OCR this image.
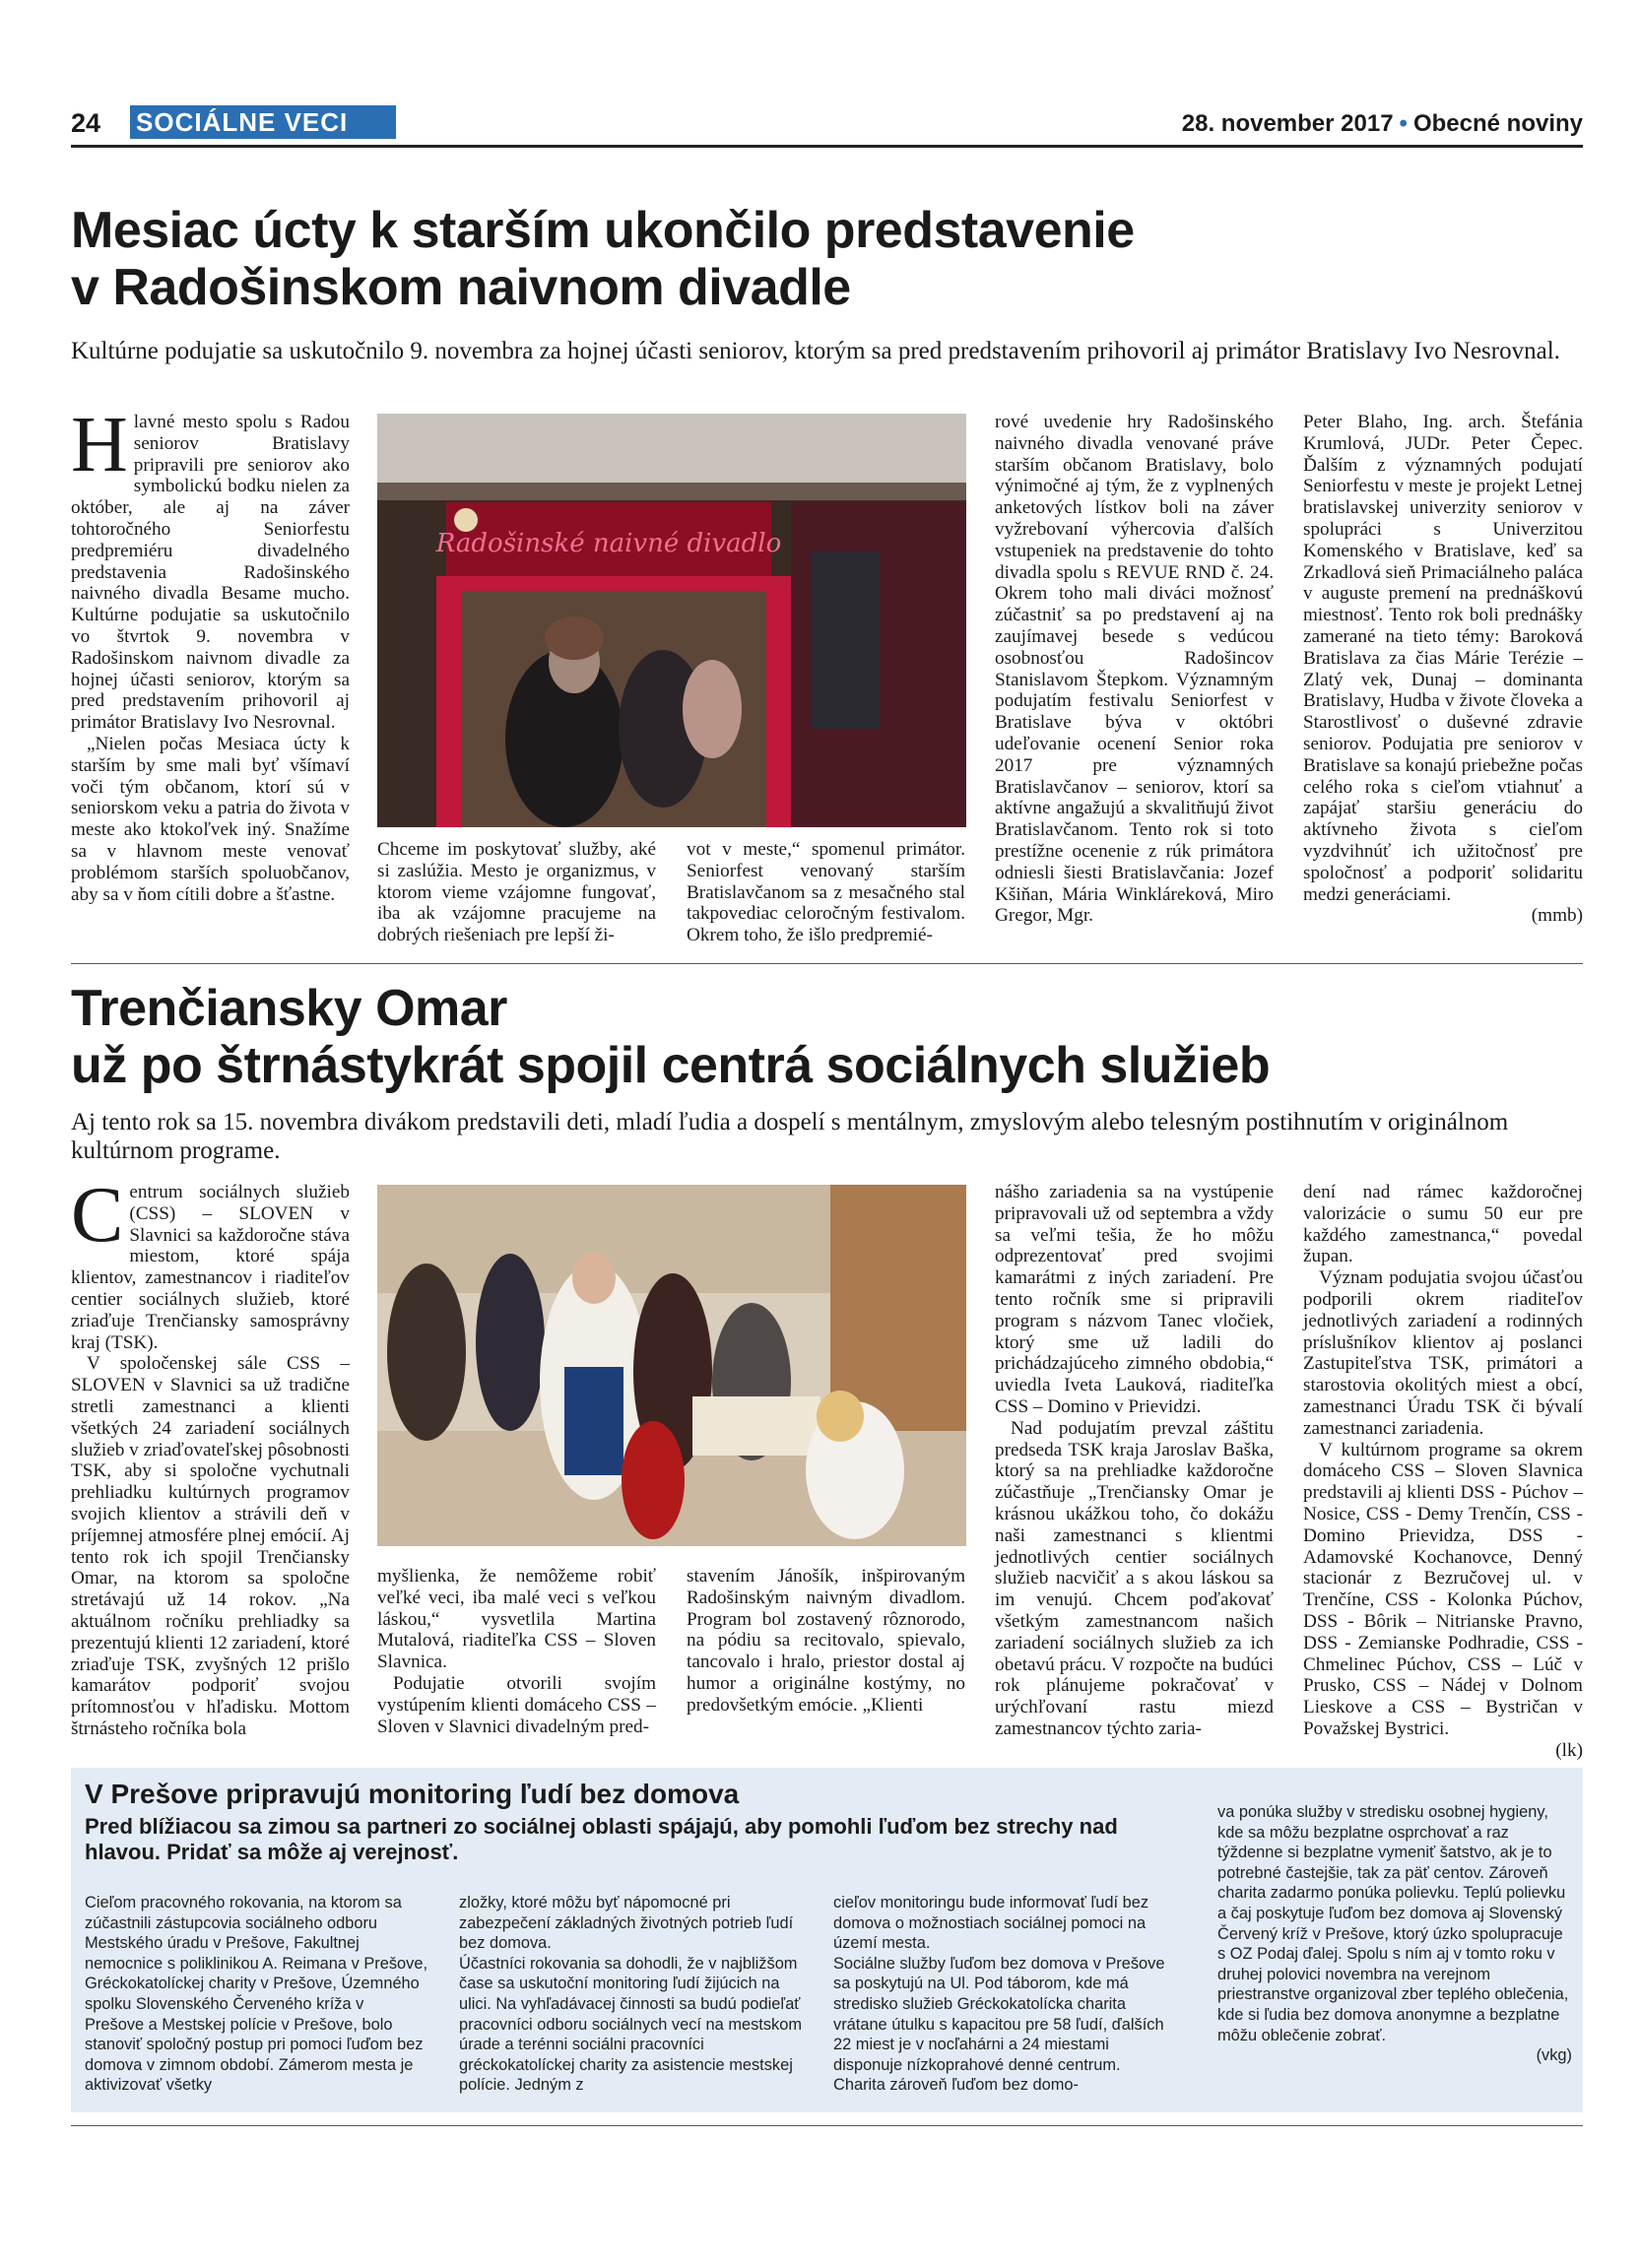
24 SOCIÁLNE VECI	28. november 2017 • Obecné noviny
Mesiac úcty k starším ukončilo predstavenie
v Radošinskom naivnom divadle
Kultúrne podujatie sa uskutočnilo 9. novembra za hojnej účasti seniorov, ktorým sa pred predstavením prihovoril aj primátor Bratislavy Ivo Nesrovnal.

Hlavné mesto spolu s Radou seniorov Bratislavy pripravili pre seniorov ako symbolickú bodku nielen za október, ale aj na záver tohtoročného Seniorfestu predpremiéru divadelného predstavenia Radošinského naivného divadla Besame mucho. Kultúrne podujatie sa uskutočnilo vo štvrtok 9. novembra v Radošinskom naivnom divadle za hojnej účasti seniorov, ktorým sa pred predstavením prihovoril aj primátor Bratislavy Ivo Nesrovnal.

„Nielen počas Mesiaca úcty k starším by sme mali byť všímaví voči tým občanom, ktorí sú v seniorskom veku a patria do života v meste ako ktokoľvek iný. Snažíme sa v hlavnom meste venovať problémom starších spoluobčanov, aby sa v ňom cítili dobre a šťastne.

Radošinské naivné divadlo

Chceme im poskytovať služby, aké si zaslúžia. Mesto je organizmus, v ktorom vieme vzájomne fungovať, iba ak vzájomne pracujeme na dobrých riešeniach pre lepší ži-

vot v meste,“ spomenul primátor. Seniorfest venovaný starším Bratislavčanom sa z mesačného stal takpovediac celoročným festivalom. Okrem toho, že išlo predpremié-

rové uvedenie hry Radošinského naivného divadla venované práve starším občanom Bratislavy, bolo výnimočné aj tým, že z vyplnených anketových lístkov boli na záver vyžrebovaní výhercovia ďalších vstupeniek na predstavenie do tohto divadla spolu s REVUE RND č. 24. Okrem toho mali diváci možnosť zúčastniť sa po predstavení aj na zaujímavej besede s vedúcou osobnosťou Radošincov Stanislavom Štepkom. Významným podujatím festivalu Seniorfest v Bratislave býva v októbri udeľovanie ocenení Senior roka 2017 pre významných Bratislavčanov – seniorov, ktorí sa aktívne angažujú a skvalitňujú život Bratislavčanom. Tento rok si toto prestížne ocenenie z rúk primátora odniesli šiesti Bratislavčania: Jozef Kšiňan, Mária Winkláreková, Miro Gregor, Mgr.

Peter Blaho, Ing. arch. Štefánia Krumlová, JUDr. Peter Čepec. Ďalším z významných podujatí Seniorfestu v meste je projekt Letnej bratislavskej univerzity seniorov v spolupráci s Univerzitou Komenského v Bratislave, keď sa Zrkadlová sieň Primaciálneho paláca v auguste premení na prednáškovú miestnosť. Tento rok boli prednášky zamerané na tieto témy: Baroková Bratislava za čias Márie Terézie – Zlatý vek, Dunaj – dominanta Bratislavy, Hudba v živote človeka a Starostlivosť o duševné zdravie seniorov. Podujatia pre seniorov v Bratislave sa konajú priebežne počas celého roka s cieľom vtiahnuť a zapájať staršiu generáciu do aktívneho života s cieľom vyzdvihnúť ich užitočnosť pre spoločnosť a podporiť solidaritu medzi generáciami.

(mmb)

Trenčiansky Omar
už po štrnástykrát spojil centrá sociálnych služieb
Aj tento rok sa 15. novembra divákom predstavili deti, mladí ľudia a dospelí s mentálnym, zmyslovým alebo telesným postihnutím v originálnom kultúrnom programe.

Centrum sociálnych služieb (CSS) – SLOVEN v Slavnici sa každoročne stáva miestom, ktoré spája klientov, zamestnancov i riaditeľov centier sociálnych služieb, ktoré zriaďuje Trenčiansky samosprávny kraj (TSK).

V spoločenskej sále CSS – SLOVEN v Slavnici sa už tradične stretli zamestnanci a klienti všetkých 24 zariadení sociálnych služieb v zriaďovateľskej pôsobnosti TSK, aby si spoločne vychutnali prehliadku kultúrnych programov svojich klientov a strávili deň v príjemnej atmosfére plnej emócií. Aj tento rok ich spojil Trenčiansky Omar, na ktorom sa spoločne stretávajú už 14 rokov. „Na aktuálnom ročníku prehliadky sa prezentujú klienti 12 zariadení, ktoré zriaďuje TSK, zvyšných 12 prišlo kamarátov podporiť svojou prítomnosťou v hľadisku. Mottom štrnásteho ročníka bola

myšlienka, že nemôžeme robiť veľké veci, iba malé veci s veľkou láskou,“ vysvetlila Martina Mutalová, riaditeľka CSS – Sloven Slavnica.

Podujatie otvorili svojím vystúpením klienti domáceho CSS – Sloven v Slavnici divadelným pred-

stavením Jánošík, inšpirovaným Radošinským naivným divadlom. Program bol zostavený rôznorodo, na pódiu sa recitovalo, spievalo, tancovalo i hralo, priestor dostal aj humor a originálne kostýmy, no predovšetkým emócie. „Klienti

nášho zariadenia sa na vystúpenie pripravovali už od septembra a vždy sa veľmi tešia, že ho môžu odprezentovať pred svojimi kamarátmi z iných zariadení. Pre tento ročník sme si pripravili program s názvom Tanec vločiek, ktorý sme už ladili do prichádzajúceho zimného obdobia,“ uviedla Iveta Lauková, riaditeľka CSS – Domino v Prievidzi.

Nad podujatím prevzal záštitu predseda TSK kraja Jaroslav Baška, ktorý sa na prehliadke každoročne zúčastňuje „Trenčiansky Omar je krásnou ukážkou toho, čo dokážu naši zamestnanci s klientmi jednotlivých centier sociálnych služieb nacvičiť a s akou láskou sa im venujú. Chcem poďakovať všetkým zamestnancom našich zariadení sociálnych služieb za ich obetavú prácu. V rozpočte na budúci rok plánujeme pokračovať v urýchľovaní rastu miezd zamestnancov týchto zaria-

dení nad rámec každoročnej valorizácie o sumu 50 eur pre každého zamestnanca,“ povedal župan.

Význam podujatia svojou účasťou podporili okrem riaditeľov jednotlivých zariadení a rodinných príslušníkov klientov aj poslanci Zastupiteľstva TSK, primátori a starostovia okolitých miest a obcí, zamestnanci Úradu TSK či bývalí zamestnanci zariadenia.

V kultúrnom programe sa okrem domáceho CSS – Sloven Slavnica predstavili aj klienti DSS - Púchov – Nosice, CSS - Demy Trenčín, CSS - Domino Prievidza, DSS - Adamovské Kochanovce, Denný stacionár z Bezručovej ul. v Trenčíne, CSS - Kolonka Púchov, DSS - Bôrik – Nitrianske Pravno, DSS - Zemianske Podhradie, CSS - Chmelinec Púchov, CSS – Lúč v Prusko, CSS – Nádej v Dolnom Lieskove a CSS – Bystričan v Považskej Bystrici.

(lk)

V Prešove pripravujú monitoring ľudí bez domova
Pred blížiacou sa zimou sa partneri zo sociálnej oblasti spájajú, aby pomohli ľuďom bez strechy nad hlavou. Pridať sa môže aj verejnosť.

Cieľom pracovného rokovania, na ktorom sa zúčastnili zástupcovia sociálneho odboru Mestského úradu v Prešove, Fakultnej nemocnice s poliklinikou A. Reimana v Prešove, Gréckokatolíckej charity v Prešove, Územného spolku Slovenského Červeného kríža v Prešove a Mestskej polície v Prešove, bolo stanoviť spoločný postup pri pomoci ľuďom bez domova v zimnom období. Zámerom mesta je aktivizovať všetky

zložky, ktoré môžu byť nápomocné pri zabezpečení základných životných potrieb ľudí bez domova.

Účastníci rokovania sa dohodli, že v najbližšom čase sa uskutoční monitoring ľudí žijúcich na ulici. Na vyhľadávacej činnosti sa budú podieľať pracovníci odboru sociálnych vecí na mestskom úrade a terénni sociálni pracovníci gréckokatolíckej charity za asistencie mestskej polície. Jedným z

cieľov monitoringu bude informovať ľudí bez domova o možnostiach sociálnej pomoci na území mesta.

Sociálne služby ľuďom bez domova v Prešove sa poskytujú na Ul. Pod táborom, kde má stredisko služieb Gréckokatolícka charita vrátane útulku s kapacitou pre 58 ľudí, ďalších 22 miest je v nocľahárni a 24 miestami disponuje nízkoprahové denné centrum. Charita zároveň ľuďom bez domo-

va ponúka služby v stredisku osobnej hygieny, kde sa môžu bezplatne osprchovať a raz týždenne si bezplatne vymeniť šatstvo, ak je to potrebné častejšie, tak za päť centov. Zároveň charita zadarmo ponúka polievku. Teplú polievku a čaj poskytuje ľuďom bez domova aj Slovenský Červený kríž v Prešove, ktorý úzko spolupracuje s OZ Podaj ďalej. Spolu s ním aj v tomto roku v druhej polovici novembra na verejnom priestranstve organizoval zber teplého oblečenia, kde si ľudia bez domova anonymne a bezplatne môžu oblečenie zobrať.

(vkg)
